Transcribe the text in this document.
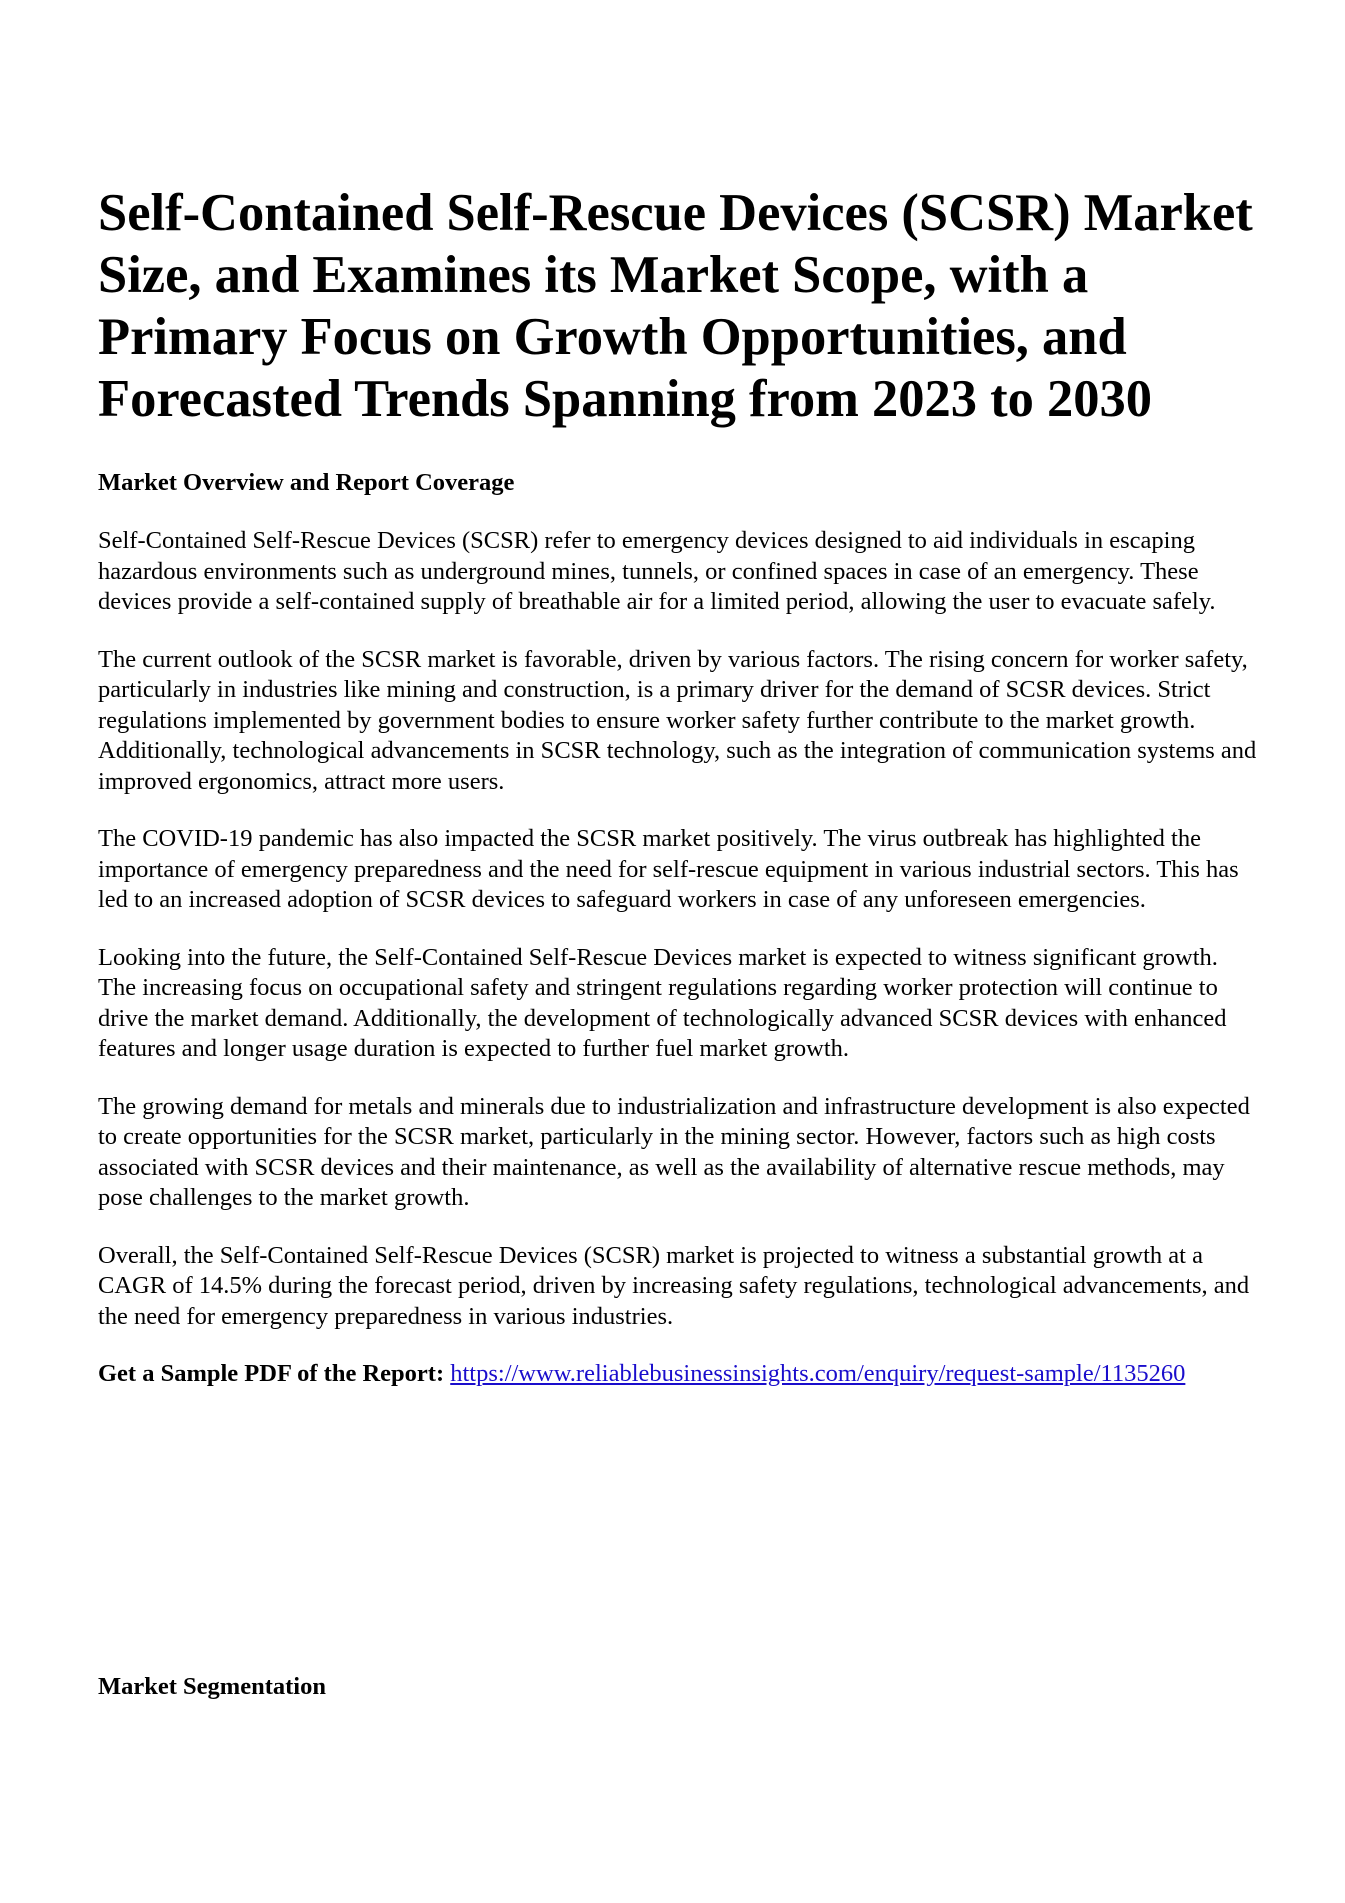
Self-Contained Self-Rescue Devices (SCSR) Market Size, and Examines its Market Scope, with a Primary Focus on Growth Opportunities, and Forecasted Trends Spanning from 2023 to 2030
Market Overview and Report Coverage

Self-Contained Self-Rescue Devices (SCSR) refer to emergency devices designed to aid individuals in escaping hazardous environments such as underground mines, tunnels, or confined spaces in case of an emergency. These devices provide a self-contained supply of breathable air for a limited period, allowing the user to evacuate safely.

The current outlook of the SCSR market is favorable, driven by various factors. The rising concern for worker safety, particularly in industries like mining and construction, is a primary driver for the demand of SCSR devices. Strict regulations implemented by government bodies to ensure worker safety further contribute to the market growth. Additionally, technological advancements in SCSR technology, such as the integration of communication systems and improved ergonomics, attract more users.

The COVID-19 pandemic has also impacted the SCSR market positively. The virus outbreak has highlighted the importance of emergency preparedness and the need for self-rescue equipment in various industrial sectors. This has led to an increased adoption of SCSR devices to safeguard workers in case of any unforeseen emergencies.

Looking into the future, the Self-Contained Self-Rescue Devices market is expected to witness significant growth. The increasing focus on occupational safety and stringent regulations regarding worker protection will continue to drive the market demand. Additionally, the development of technologically advanced SCSR devices with enhanced features and longer usage duration is expected to further fuel market growth.

The growing demand for metals and minerals due to industrialization and infrastructure development is also expected to create opportunities for the SCSR market, particularly in the mining sector. However, factors such as high costs associated with SCSR devices and their maintenance, as well as the availability of alternative rescue methods, may pose challenges to the market growth.

Overall, the Self-Contained Self-Rescue Devices (SCSR) market is projected to witness a substantial growth at a CAGR of 14.5% during the forecast period, driven by increasing safety regulations, technological advancements, and the need for emergency preparedness in various industries.

Get a Sample PDF of the Report: https://www.reliablebusinessinsights.com/enquiry/request-sample/1135260

Market Segmentation
